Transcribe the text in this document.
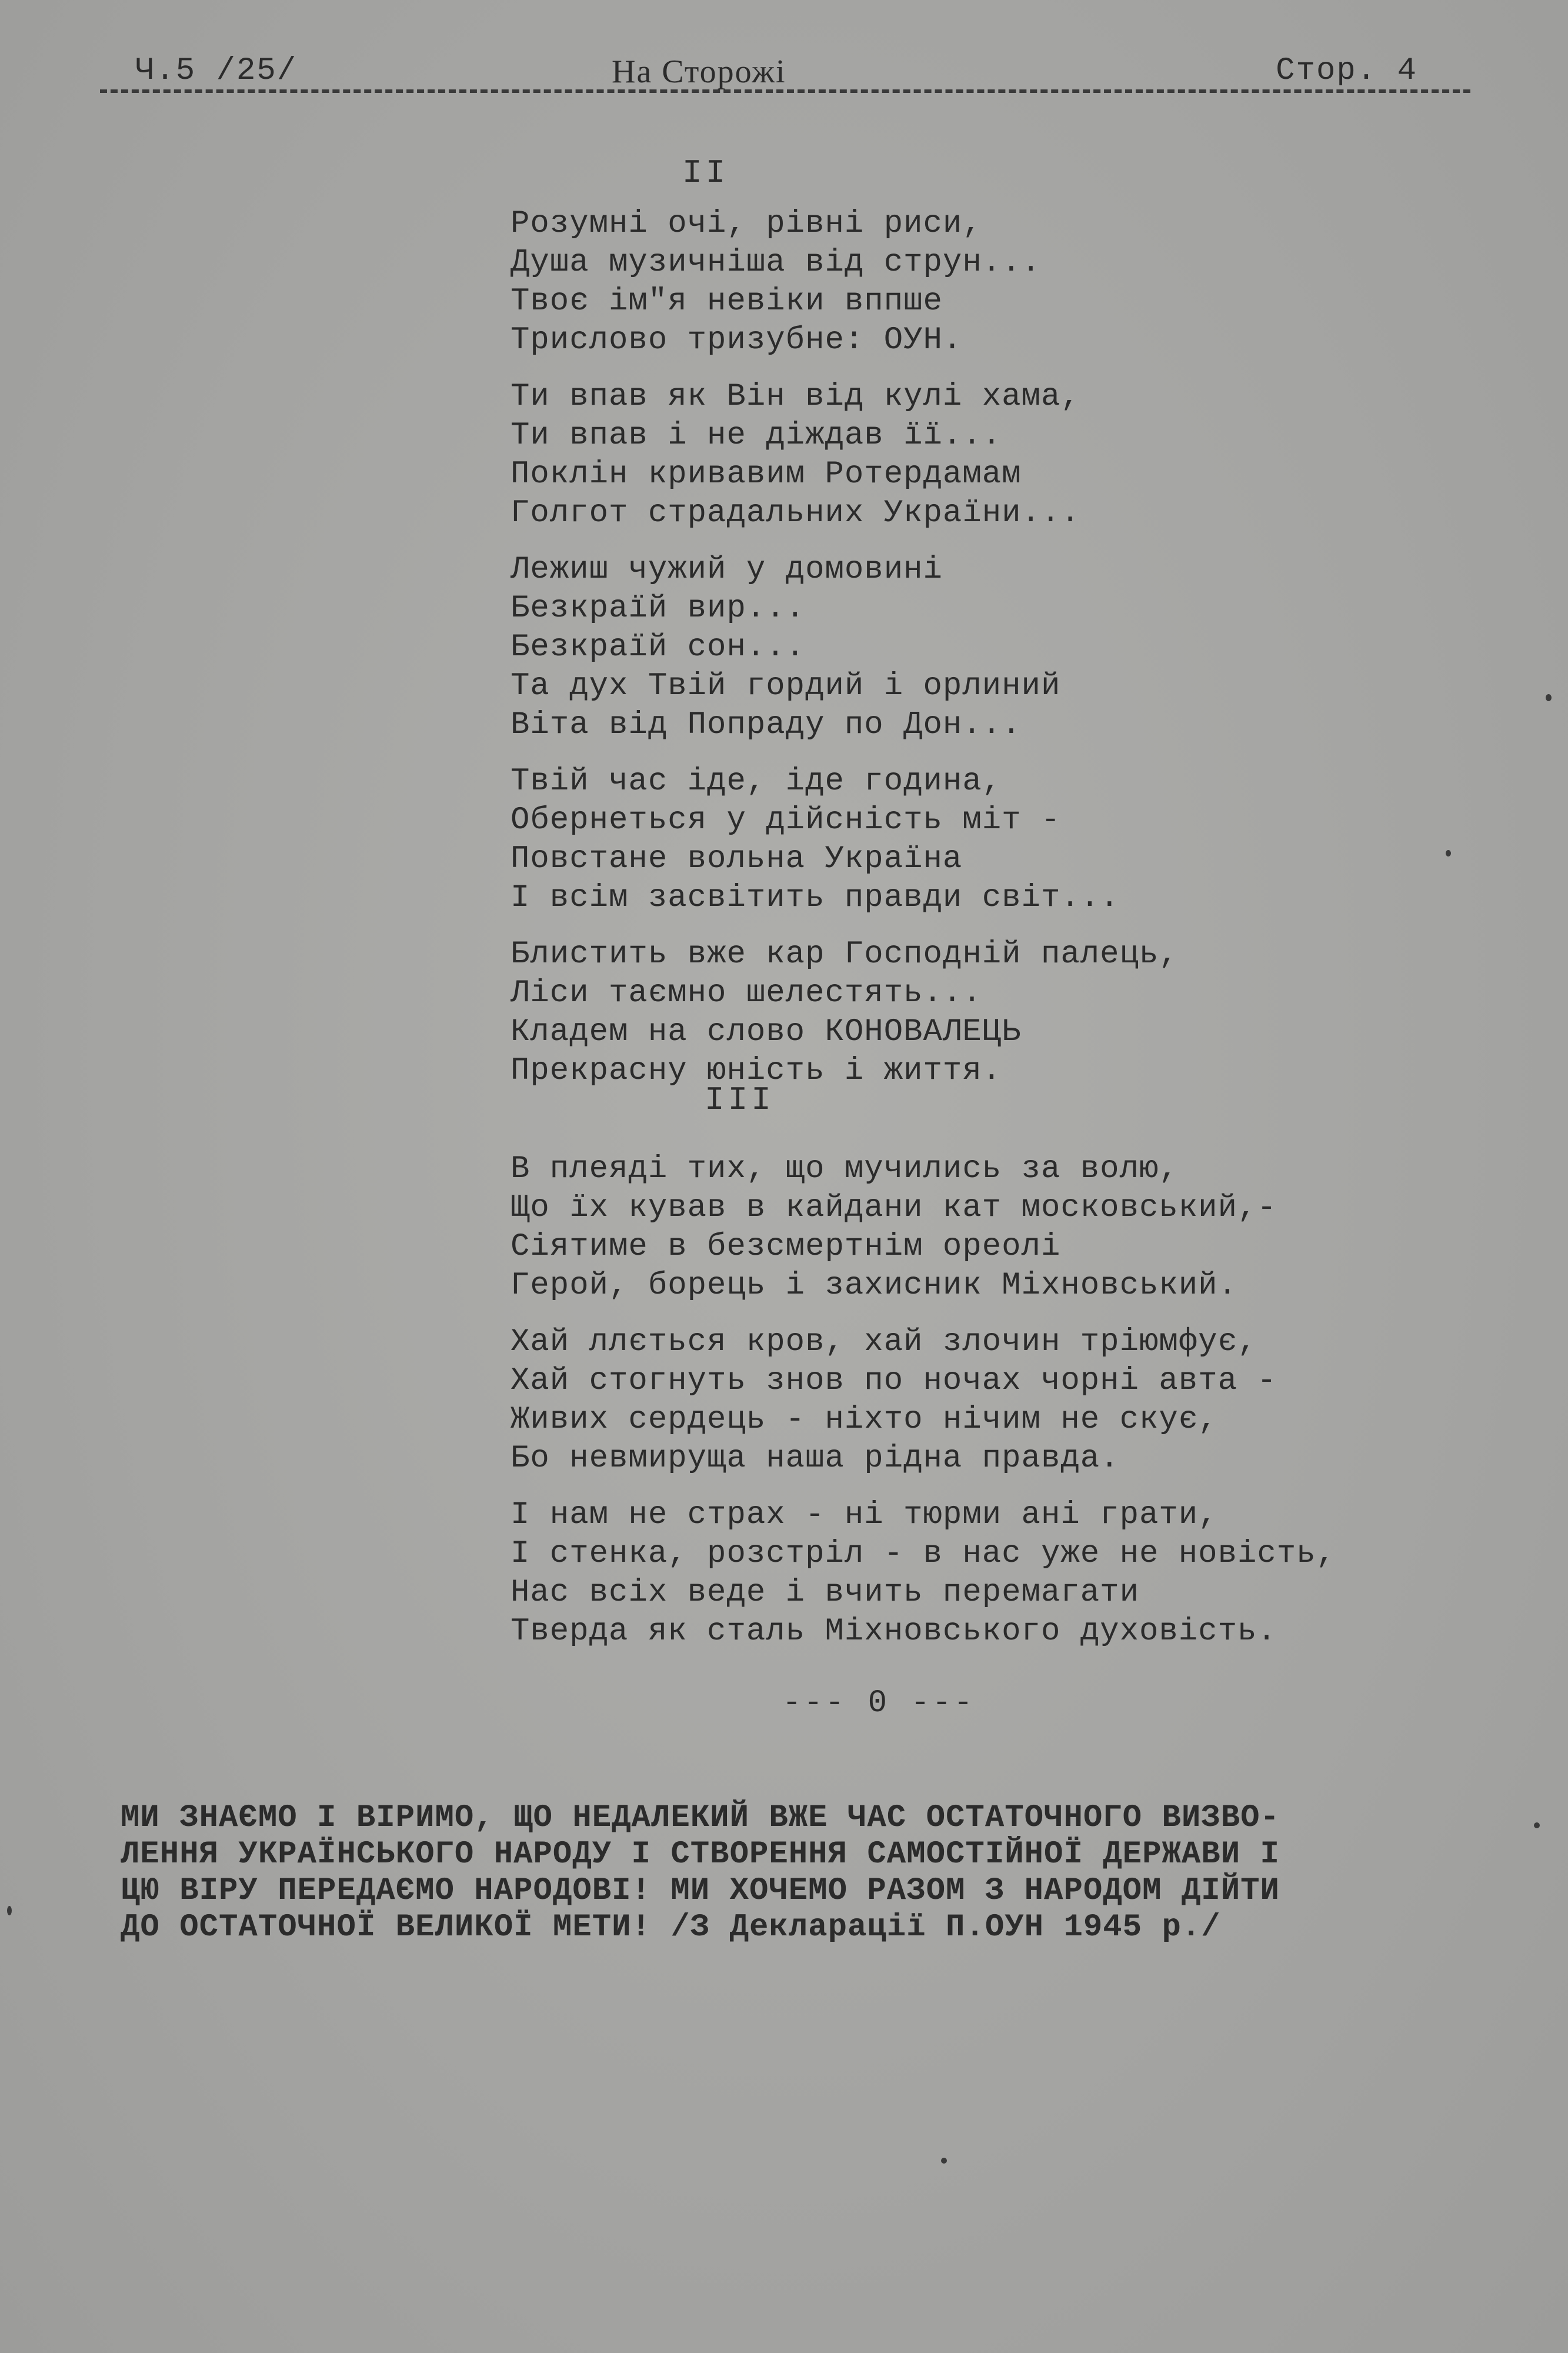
Ч.5 /25/	На Сторожі	Стор. 4
II
Розумні очі, рівні риси,
Душа музичніша від струн...
Твоє ім"я невіки вппше
Трислово тризубне: ОУН.
Ти впав як Він від кулі хама,
Ти впав і не діждав її...
Поклін кривавим Ротердамам
Голгот страдальних України...
Лежиш чужий у домовині
Безкраїй вир...
Безкраїй сон...
Та дух Твій гордий і орлиний
Віта від Попраду по Дон...
Твій час іде, іде година,
Обернеться у дійсність міт -
Повстане вольна Україна
І всім засвітить правди світ...
Блистить вже кар Господній палець,
Ліси таємно шелестять...
Кладем на слово КОНОВАЛЕЦЬ
Прекрасну юність і життя.
III
В плеяді тих, що мучились за волю,
Що їх кував в кайдани кат московський,-
Сіятиме в безсмертнім ореолі
Герой, борець і захисник Міхновський.
Хай ллється кров, хай злочин тріюмфує,
Хай стогнуть знов по ночах чорні авта -
Живих сердець - ніхто нічим не скує,
Бо невмируща наша рідна правда.
І нам не страх - ні тюрми ані грати,
І стенка, розстріл - в нас уже не новість,
Нас всіх веде і вчить перемагати
Тверда як сталь Міхновського духовість.
--- 0 ---
МИ ЗНАЄМО І ВІРИМО, ЩО НЕДАЛЕКИЙ ВЖЕ ЧАС ОСТАТОЧНОГО ВИЗВО-
ЛЕННЯ УКРАЇНСЬКОГО НАРОДУ І СТВОРЕННЯ САМОСТІЙНОЇ ДЕРЖАВИ І
ЦЮ ВІРУ ПЕРЕДАЄМО НАРОДОВІ! МИ ХОЧЕМО РАЗОМ З НАРОДОМ ДІЙТИ
ДО ОСТАТОЧНОЇ ВЕЛИКОЇ МЕТИ! /З Декларації П.ОУН 1945 р./
